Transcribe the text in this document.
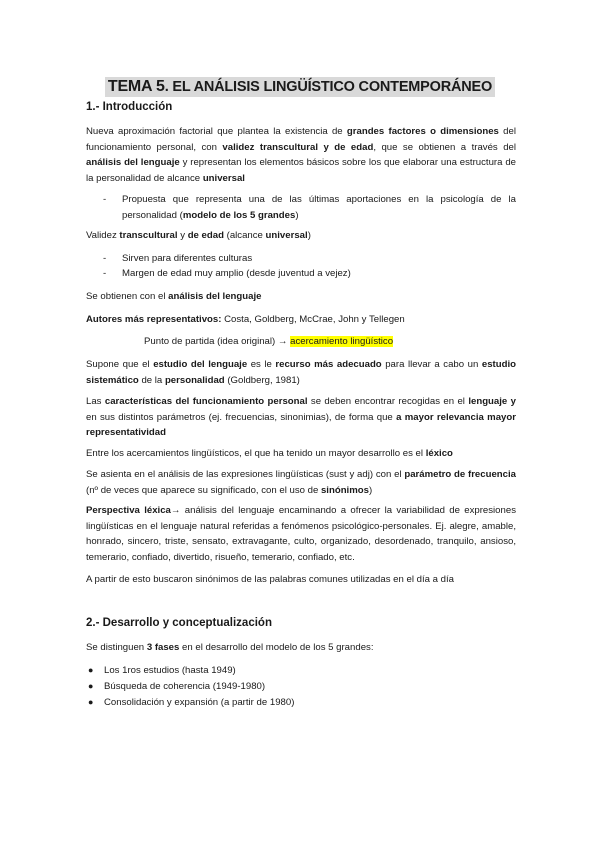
TEMA 5. EL ANÁLISIS LINGÜÍSTICO CONTEMPORÁNEO
1.- Introducción
Nueva aproximación factorial que plantea la existencia de grandes factores o dimensiones del funcionamiento personal, con validez transcultural y de edad, que se obtienen a través del análisis del lenguaje y representan los elementos básicos sobre los que elaborar una estructura de la personalidad de alcance universal
- Propuesta que representa una de las últimas aportaciones en la psicología de la personalidad (modelo de los 5 grandes)
Validez transcultural y de edad (alcance universal)
- Sirven para diferentes culturas
- Margen de edad muy amplio (desde juventud a vejez)
Se obtienen con el análisis del lenguaje
Autores más representativos: Costa, Goldberg, McCrae, John y Tellegen
Punto de partida (idea original) → acercamiento lingüístico
Supone que el estudio del lenguaje es le recurso más adecuado para llevar a cabo un estudio sistemático de la personalidad (Goldberg, 1981)
Las características del funcionamiento personal se deben encontrar recogidas en el lenguaje y en sus distintos parámetros (ej. frecuencias, sinonimias), de forma que a mayor relevancia mayor representatividad
Entre los acercamientos lingüísticos, el que ha tenido un mayor desarrollo es el léxico
Se asienta en el análisis de las expresiones lingüísticas (sust y adj) con el parámetro de frecuencia (nº de veces que aparece su significado, con el uso de sinónimos)
Perspectiva léxica→ análisis del lenguaje encaminando a ofrecer la variabilidad de expresiones lingüísticas en el lenguaje natural referidas a fenómenos psicológico-personales. Ej. alegre, amable, honrado, sincero, triste, sensato, extravagante, culto, organizado, desordenado, tranquilo, ansioso, temerario, confiado, divertido, risueño, temerario, confiado, etc.
A partir de esto buscaron sinónimos de las palabras comunes utilizadas en el día a día
2.- Desarrollo y conceptualización
Se distinguen 3 fases en el desarrollo del modelo de los 5 grandes:
● Los 1ros estudios (hasta 1949)
● Búsqueda de coherencia (1949-1980)
● Consolidación y expansión (a partir de 1980)
